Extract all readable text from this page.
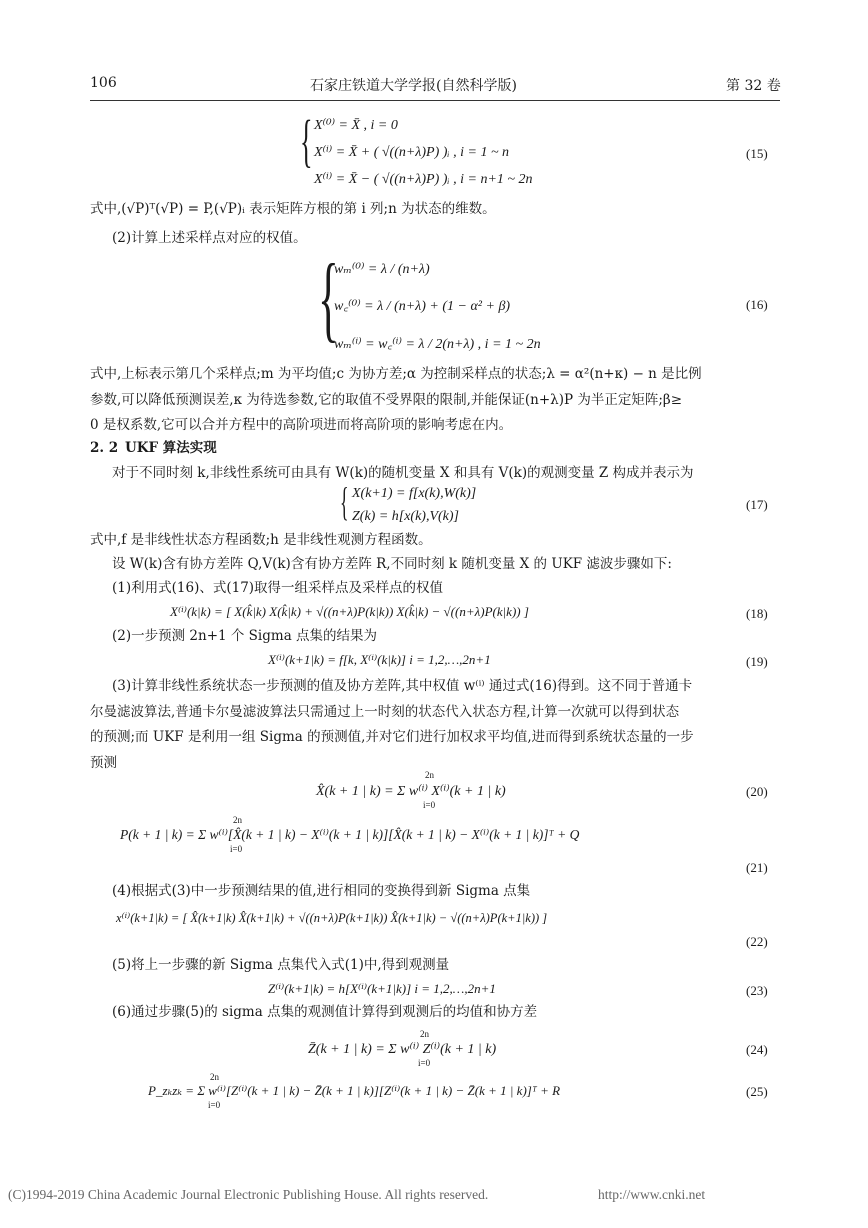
106	石家庄铁道大学学报(自然科学版)	第 32 卷
{ X⁽⁰⁾ = X̄ , i = 0
X⁽ⁱ⁾ = X̄ + ( √((n+λ)P) )ᵢ , i = 1 ~ n
X⁽ⁱ⁾ = X̄ − ( √((n+λ)P) )ᵢ , i = n+1 ~ 2n
(15)
式中,(√P)ᵀ(√P) = P,(√P)ᵢ 表示矩阵方根的第 i 列;n 为状态的维数。
(2)计算上述采样点对应的权值。
{
wₘ⁽⁰⁾ = λ / (n+λ)
w꜀⁽⁰⁾ = λ / (n+λ) + (1 − α² + β)
wₘ⁽ⁱ⁾ = w꜀⁽ⁱ⁾ = λ / 2(n+λ) , i = 1 ~ 2n
(16)
式中,上标表示第几个采样点;m 为平均值;c 为协方差;α 为控制采样点的状态;λ = α²(n+κ) − n 是比例
参数,可以降低预测误差,κ 为待选参数,它的取值不受界限的限制,并能保证(n+λ)P 为半正定矩阵;β≥
0 是权系数,它可以合并方程中的高阶项进而将高阶项的影响考虑在内。
2. 2 UKF 算法实现
对于不同时刻 k,非线性系统可由具有 W(k)的随机变量 X 和具有 V(k)的观测变量 Z 构成并表示为
{ X(k+1) = f[x(k),W(k)]
Z(k) = h[x(k),V(k)]
(17)
式中,f 是非线性状态方程函数;h 是非线性观测方程函数。
设 W(k)含有协方差阵 Q,V(k)含有协方差阵 R,不同时刻 k 随机变量 X 的 UKF 滤波步骤如下:
(1)利用式(16)、式(17)取得一组采样点及采样点的权值
X⁽ⁱ⁾(k|k) = [ X(k̂|k) X(k̂|k) + √((n+λ)P(k|k)) X(k̂|k) − √((n+λ)P(k|k)) ]	(18)
(2)一步预测 2n+1 个 Sigma 点集的结果为
X⁽ⁱ⁾(k+1|k) = f[k, X⁽ⁱ⁾(k|k)] i = 1,2,…,2n+1	(19)
(3)计算非线性系统状态一步预测的值及协方差阵,其中权值 w⁽ⁱ⁾ 通过式(16)得到。这不同于普通卡
尔曼滤波算法,普通卡尔曼滤波算法只需通过上一时刻的状态代入状态方程,计算一次就可以得到状态
的预测;而 UKF 是利用一组 Sigma 的预测值,并对它们进行加权求平均值,进而得到系统状态量的一步
预测
2n
X̂(k + 1 | k) = Σ w⁽ⁱ⁾ X⁽ⁱ⁾(k + 1 | k)
i=0
(20)
2n
P(k + 1 | k) = Σ w⁽ⁱ⁾[X̂(k + 1 | k) − X⁽ⁱ⁾(k + 1 | k)][X̂(k + 1 | k) − X⁽ⁱ⁾(k + 1 | k)]ᵀ + Q
i=0
(21)
(4)根据式(3)中一步预测结果的值,进行相同的变换得到新 Sigma 点集
x⁽ⁱ⁾(k+1|k) = [ X̂(k+1|k) X̂(k+1|k) + √((n+λ)P(k+1|k)) X̂(k+1|k) − √((n+λ)P(k+1|k)) ]
(22)
(5)将上一步骤的新 Sigma 点集代入式(1)中,得到观测量
Z⁽ⁱ⁾(k+1|k) = h[X⁽ⁱ⁾(k+1|k)] i = 1,2,…,2n+1	(23)
(6)通过步骤(5)的 sigma 点集的观测值计算得到观测后的均值和协方差
2n
Z̄(k + 1 | k) = Σ w⁽ⁱ⁾ Z⁽ⁱ⁾(k + 1 | k)
i=0
(24)
2n
P_zₖzₖ = Σ w⁽ⁱ⁾[Z⁽ⁱ⁾(k + 1 | k) − Z̄(k + 1 | k)][Z⁽ⁱ⁾(k + 1 | k) − Z̄(k + 1 | k)]ᵀ + R
i=0
(25)
(C)1994-2019 China Academic Journal Electronic Publishing House. All rights reserved.	http://www.cnki.net
